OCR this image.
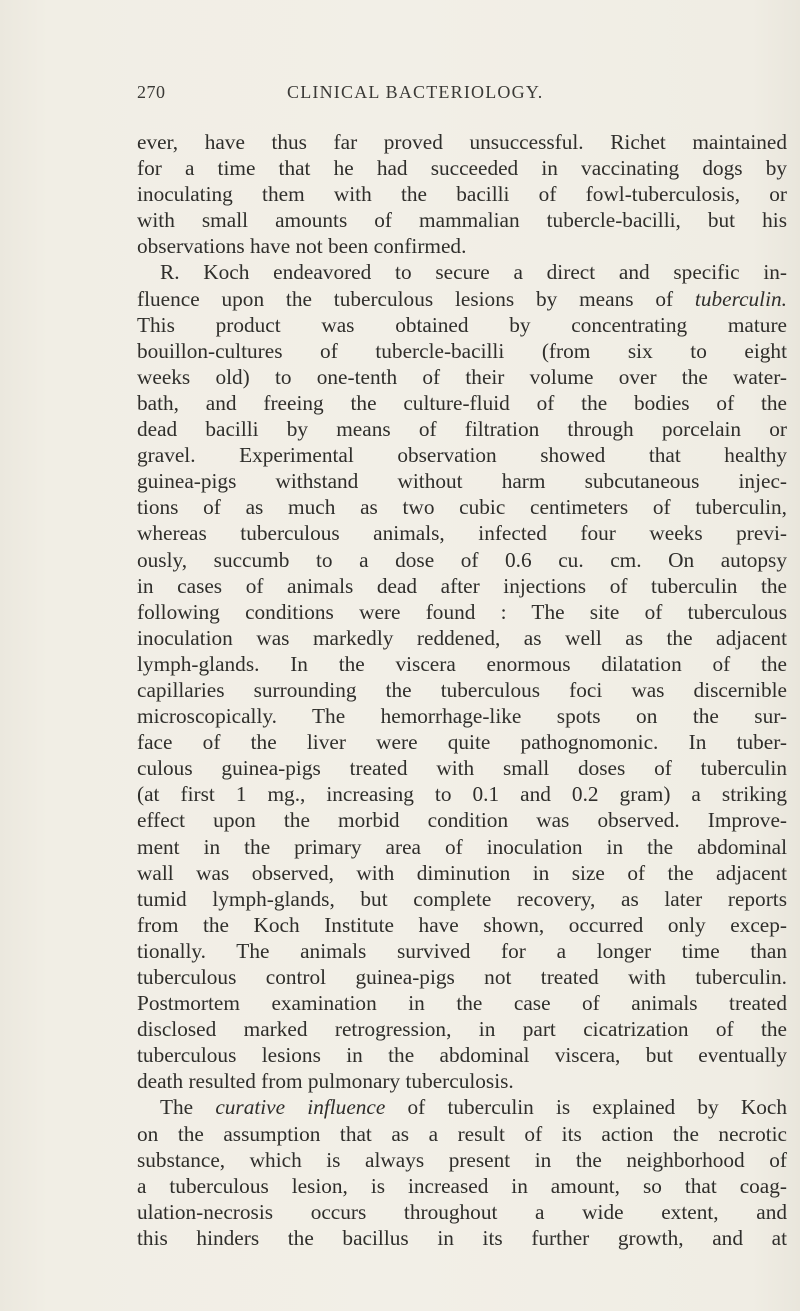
270	CLINICAL BACTERIOLOGY.

ever, have thus far proved unsuccessful. Richet maintained
for a time that he had succeeded in vaccinating dogs by
inoculating them with the bacilli of fowl-tuberculosis, or
with small amounts of mammalian tubercle-bacilli, but his
observations have not been confirmed.

R. Koch endeavored to secure a direct and specific in-
fluence upon the tuberculous lesions by means of tuberculin.
This product was obtained by concentrating mature
bouillon-cultures of tubercle-bacilli (from six to eight
weeks old) to one-tenth of their volume over the water-
bath, and freeing the culture-fluid of the bodies of the
dead bacilli by means of filtration through porcelain or
gravel. Experimental observation showed that healthy
guinea-pigs withstand without harm subcutaneous injec-
tions of as much as two cubic centimeters of tuberculin,
whereas tuberculous animals, infected four weeks previ-
ously, succumb to a dose of 0.6 cu. cm. On autopsy
in cases of animals dead after injections of tuberculin the
following conditions were found : The site of tuberculous
inoculation was markedly reddened, as well as the adjacent
lymph-glands. In the viscera enormous dilatation of the
capillaries surrounding the tuberculous foci was discernible
microscopically. The hemorrhage-like spots on the sur-
face of the liver were quite pathognomonic. In tuber-
culous guinea-pigs treated with small doses of tuberculin
(at first 1 mg., increasing to 0.1 and 0.2 gram) a striking
effect upon the morbid condition was observed. Improve-
ment in the primary area of inoculation in the abdominal
wall was observed, with diminution in size of the adjacent
tumid lymph-glands, but complete recovery, as later reports
from the Koch Institute have shown, occurred only excep-
tionally. The animals survived for a longer time than
tuberculous control guinea-pigs not treated with tuberculin.
Postmortem examination in the case of animals treated
disclosed marked retrogression, in part cicatrization of the
tuberculous lesions in the abdominal viscera, but eventually
death resulted from pulmonary tuberculosis.

The curative influence of tuberculin is explained by Koch
on the assumption that as a result of its action the necrotic
substance, which is always present in the neighborhood of
a tuberculous lesion, is increased in amount, so that coag-
ulation-necrosis occurs throughout a wide extent, and
this hinders the bacillus in its further growth, and at
